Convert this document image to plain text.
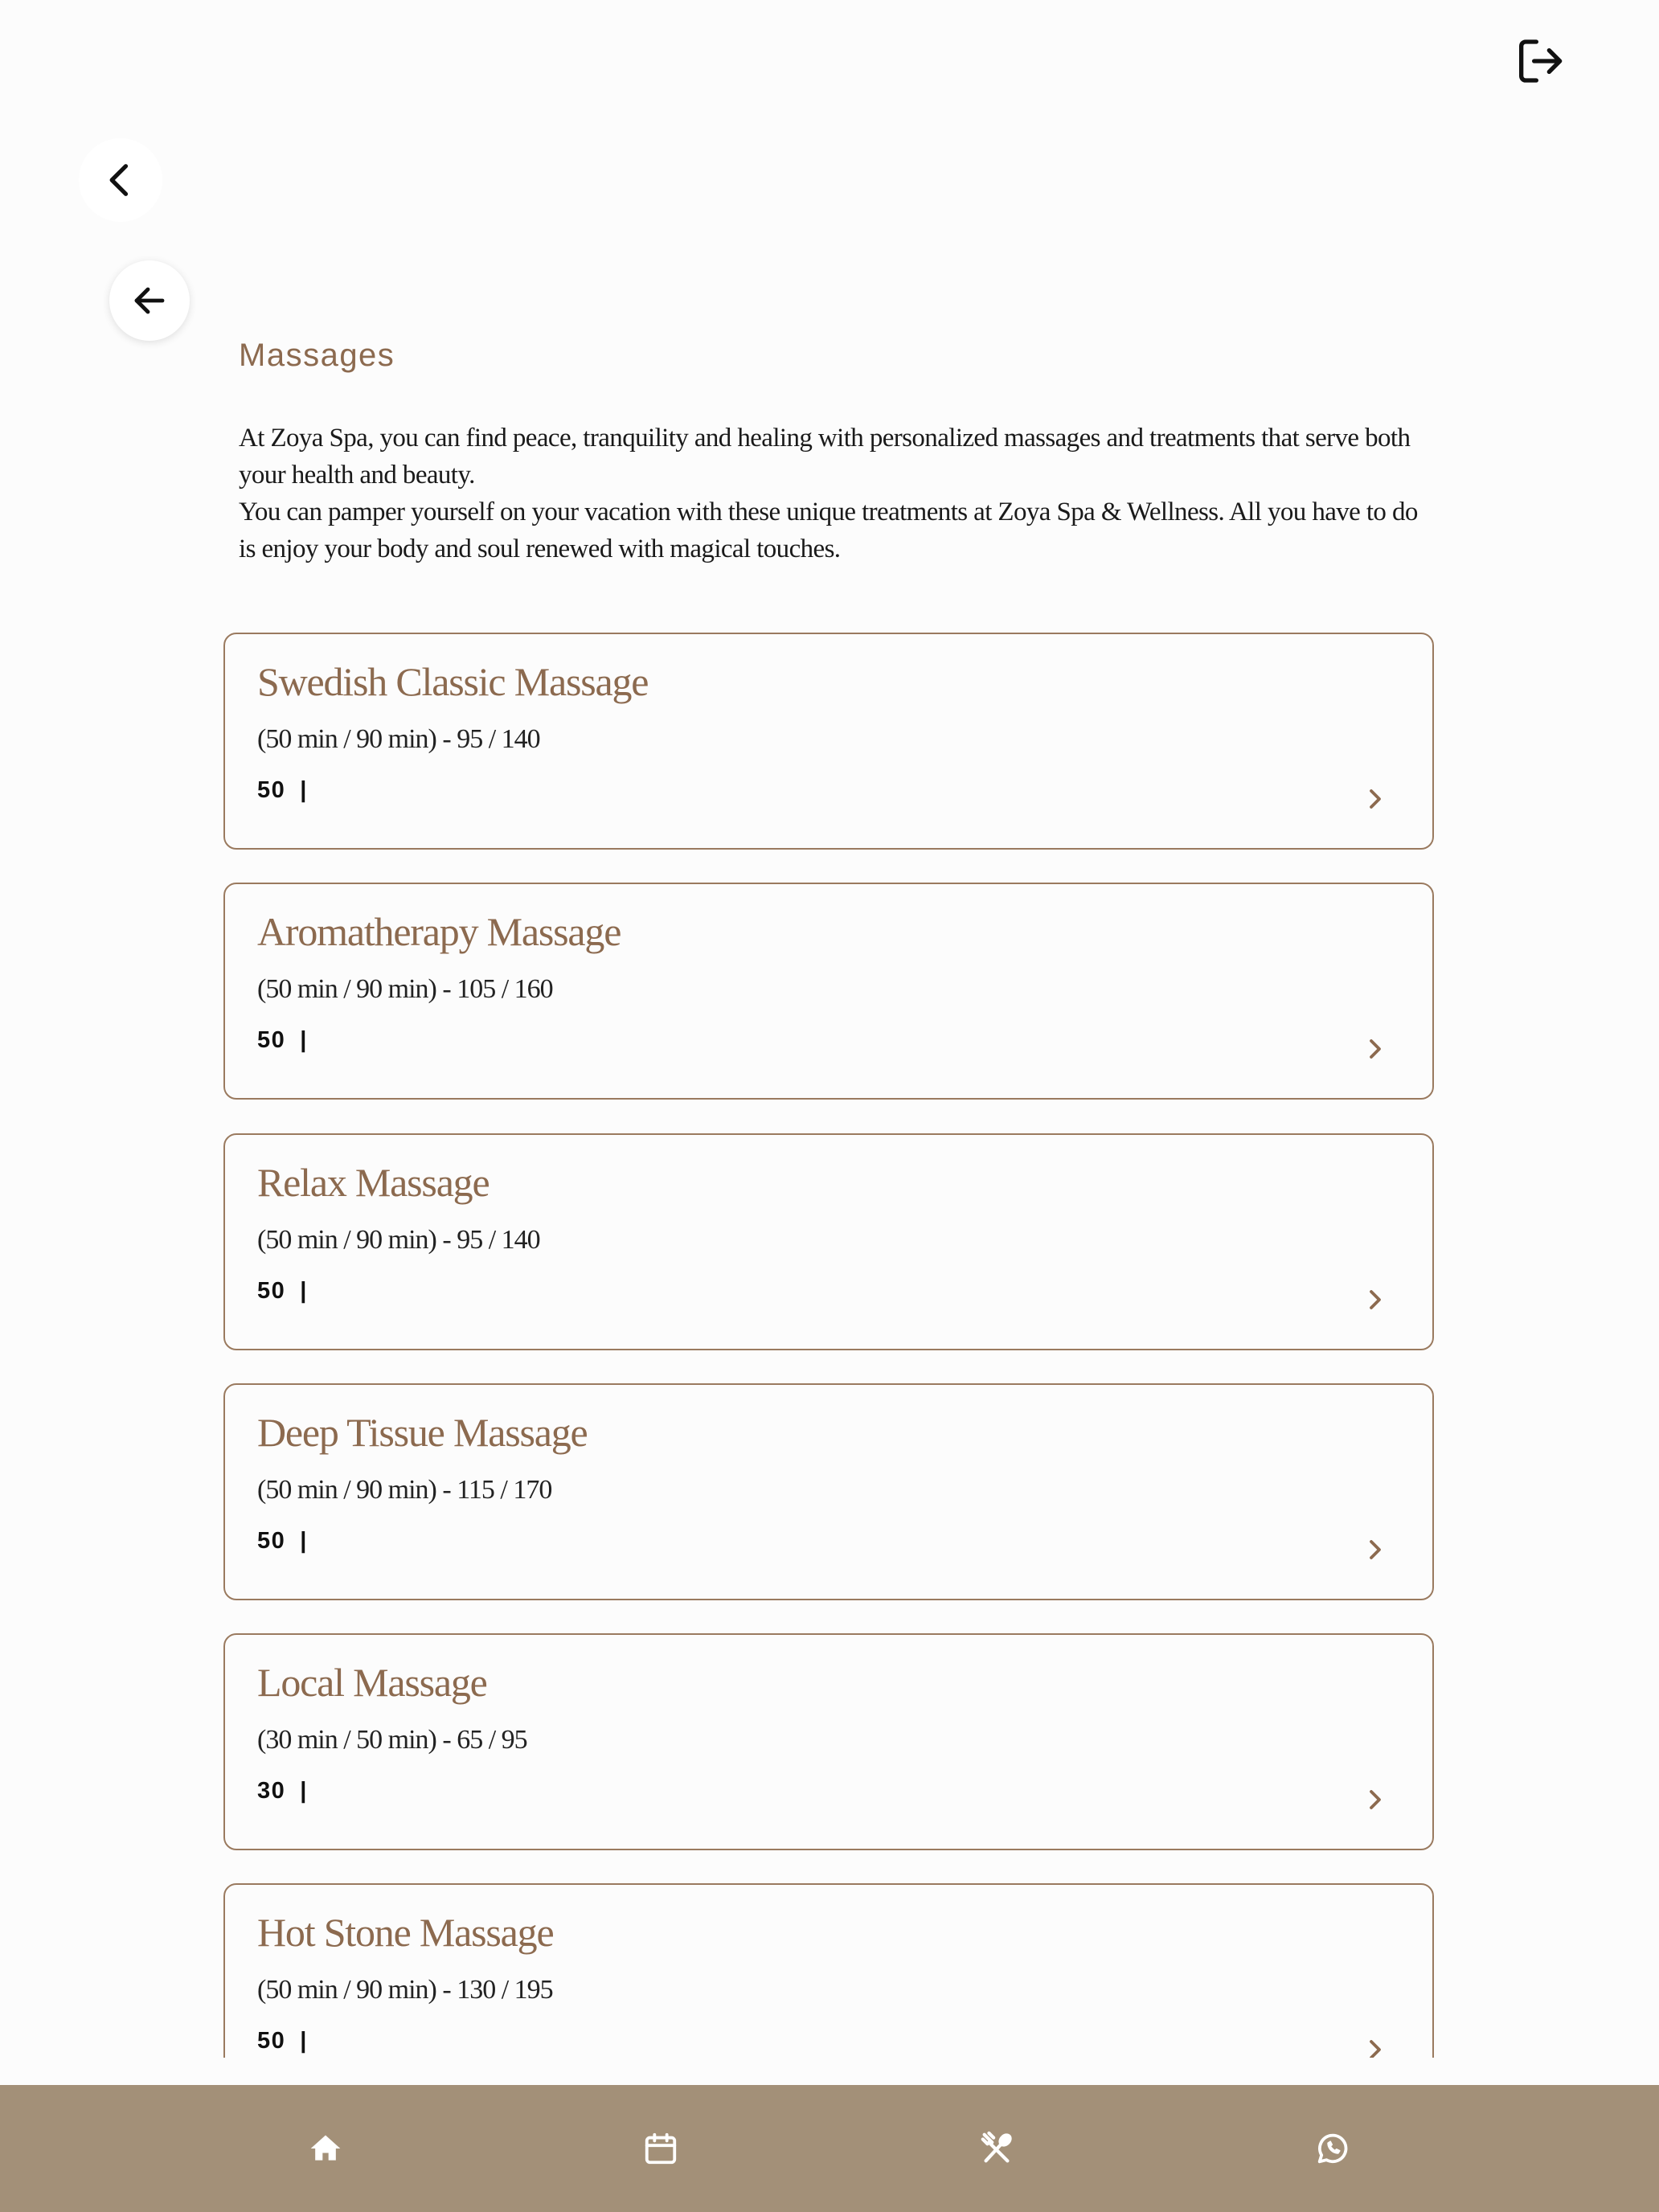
Massages

At Zoya Spa, you can find peace, tranquility and healing with personalized massages and treatments that serve both your health and beauty.

You can pamper yourself on your vacation with these unique treatments at Zoya Spa & Wellness. All you have to do is enjoy your body and soul renewed with magical touches.

Swedish Classic Massage
(50 min / 90 min) - 95 / 140
50 |
Aromatherapy Massage
(50 min / 90 min) - 105 / 160
50 |
Relax Massage
(50 min / 90 min) - 95 / 140
50 |
Deep Tissue Massage
(50 min / 90 min) - 115 / 170
50 |
Local Massage
(30 min / 50 min) - 65 / 95
30 |
Hot Stone Massage
(50 min / 90 min) - 130 / 195
50 |
